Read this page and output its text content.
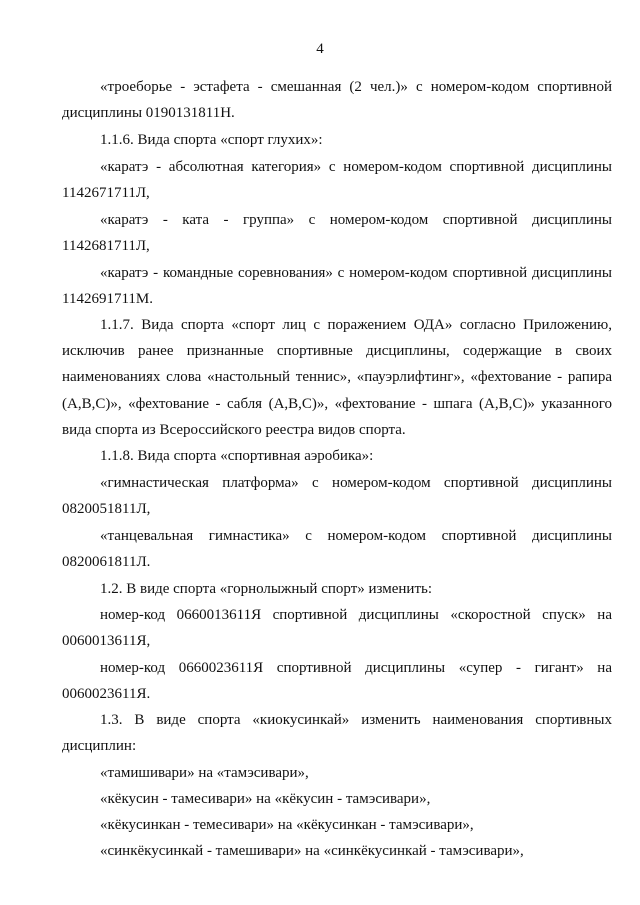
4
«троеборье - эстафета - смешанная (2 чел.)» с номером-кодом спортивной
дисциплины 0190131811Н.
1.1.6. Вида спорта «спорт глухих»:
«каратэ - абсолютная категория» с номером-кодом спортивной дисциплины
1142671711Л,
«каратэ - ката - группа» с номером-кодом спортивной дисциплины
1142681711Л,
«каратэ - командные соревнования» с номером-кодом спортивной дисциплины
1142691711М.
1.1.7. Вида спорта «спорт лиц с поражением ОДА» согласно Приложению,
исключив ранее признанные спортивные дисциплины, содержащие в своих
наименованиях слова «настольный теннис», «пауэрлифтинг», «фехтование - рапира
(А,В,С)», «фехтование - сабля (А,В,С)», «фехтование - шпага (А,В,С)» указанного
вида спорта из Всероссийского реестра видов спорта.
1.1.8. Вида спорта «спортивная аэробика»:
«гимнастическая платформа» с номером-кодом спортивной дисциплины
0820051811Л,
«танцевальная гимнастика» с номером-кодом спортивной дисциплины
0820061811Л.
1.2. В виде спорта «горнолыжный спорт» изменить:
номер-код 0660013611Я спортивной дисциплины «скоростной спуск» на
0060013611Я,
номер-код 0660023611Я спортивной дисциплины «супер - гигант» на
0060023611Я.
1.3. В виде спорта «киокусинкай» изменить наименования спортивных
дисциплин:
«тамишивари» на «тамэсивари»,
«кёкусин - тамесивари» на «кёкусин - тамэсивари»,
«кёкусинкан - темесивари» на «кёкусинкан - тамэсивари»,
«синкёкусинкай - тамешивари» на «синкёкусинкай - тамэсивари»,
